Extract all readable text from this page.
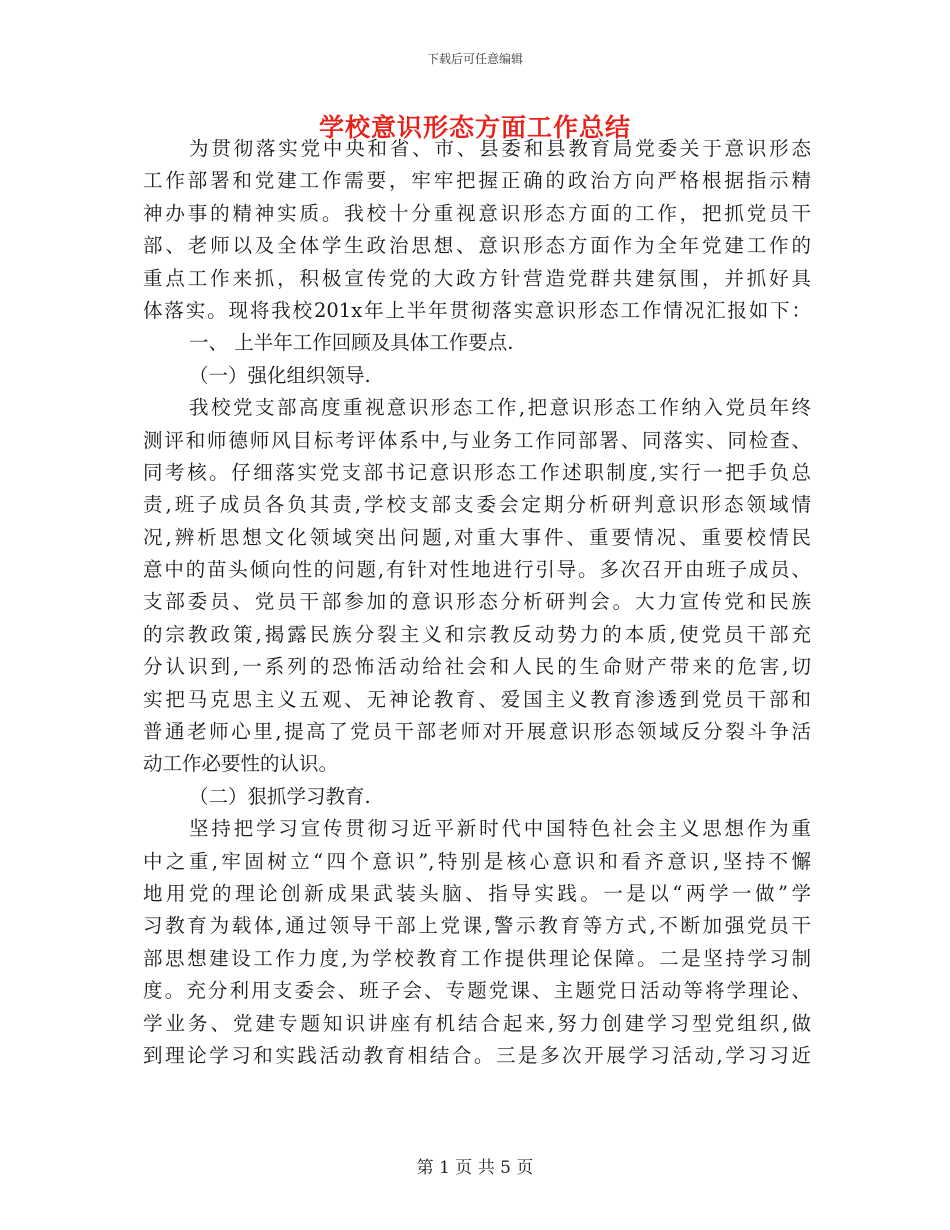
下载后可任意编辑
学校意识形态方面工作总结
为贯彻落实党中央和省、市、县委和县教育局党委关于意识形态
工作部署和党建工作需要，牢牢把握正确的政治方向严格根据指示精
神办事的精神实质。我校十分重视意识形态方面的工作，把抓党员干
部、老师以及全体学生政治思想、意识形态方面作为全年党建工作的
重点工作来抓，积极宣传党的大政方针营造党群共建氛围，并抓好具
体落实。现将我校201x年上半年贯彻落实意识形态工作情况汇报如下：
一、 上半年工作回顾及具体工作要点.
（一）强化组织领导.
我校党支部高度重视意识形态工作,把意识形态工作纳入党员年终
测评和师德师风目标考评体系中,与业务工作同部署、同落实、同检查、
同考核。仔细落实党支部书记意识形态工作述职制度,实行一把手负总
责,班子成员各负其责,学校支部支委会定期分析研判意识形态领域情
况,辨析思想文化领域突出问题,对重大事件、重要情况、重要校情民
意中的苗头倾向性的问题,有针对性地进行引导。多次召开由班子成员、
支部委员、党员干部参加的意识形态分析研判会。大力宣传党和民族
的宗教政策,揭露民族分裂主义和宗教反动势力的本质,使党员干部充
分认识到,一系列的恐怖活动给社会和人民的生命财产带来的危害,切
实把马克思主义五观、无神论教育、爱国主义教育渗透到党员干部和
普通老师心里,提高了党员干部老师对开展意识形态领域反分裂斗争活
动工作必要性的认识。
（二）狠抓学习教育.
坚持把学习宣传贯彻习近平新时代中国特色社会主义思想作为重
中之重,牢固树立“四个意识”,特别是核心意识和看齐意识,坚持不懈
地用党的理论创新成果武装头脑、指导实践。一是以“两学一做”学
习教育为载体,通过领导干部上党课,警示教育等方式,不断加强党员干
部思想建设工作力度,为学校教育工作提供理论保障。二是坚持学习制
度。充分利用支委会、班子会、专题党课、主题党日活动等将学理论、
学业务、党建专题知识讲座有机结合起来,努力创建学习型党组织,做
到理论学习和实践活动教育相结合。三是多次开展学习活动,学习习近
第 1 页 共 5 页
